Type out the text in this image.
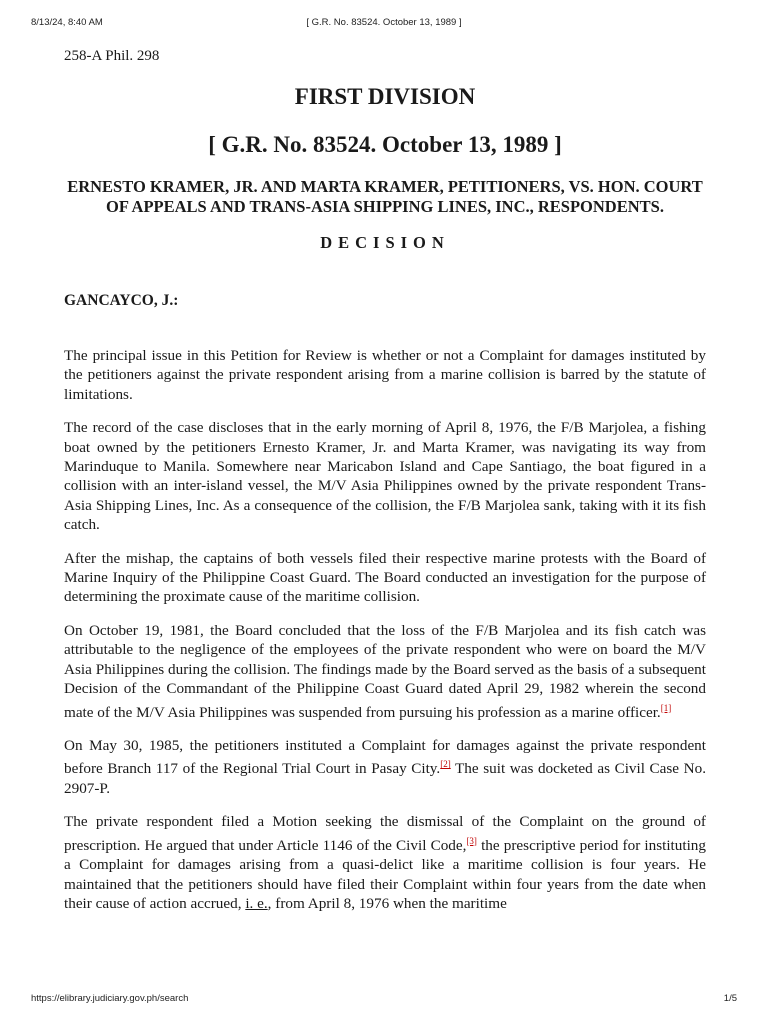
8/13/24, 8:40 AM	[ G.R. No. 83524. October 13, 1989 ]

258-A Phil. 298

FIRST DIVISION
[ G.R. No. 83524. October 13, 1989 ]
ERNESTO KRAMER, JR. AND MARTA KRAMER, PETITIONERS, VS. HON. COURT OF APPEALS AND TRANS-ASIA SHIPPING LINES, INC., RESPONDENTS.
DECISION

GANCAYCO, J.:

The principal issue in this Petition for Review is whether or not a Complaint for damages instituted by the petitioners against the private respondent arising from a marine collision is barred by the statute of limitations.

The record of the case discloses that in the early morning of April 8, 1976, the F/B Marjolea, a fishing boat owned by the petitioners Ernesto Kramer, Jr. and Marta Kramer, was navigating its way from Marinduque to Manila. Somewhere near Maricabon Island and Cape Santiago, the boat figured in a collision with an inter-island vessel, the M/V Asia Philippines owned by the private respondent Trans-Asia Shipping Lines, Inc. As a consequence of the collision, the F/B Marjolea sank, taking with it its fish catch.

After the mishap, the captains of both vessels filed their respective marine protests with the Board of Marine Inquiry of the Philippine Coast Guard. The Board conducted an investigation for the purpose of determining the proximate cause of the maritime collision.

On October 19, 1981, the Board concluded that the loss of the F/B Marjolea and its fish catch was attributable to the negligence of the employees of the private respondent who were on board the M/V Asia Philippines during the collision. The findings made by the Board served as the basis of a subsequent Decision of the Commandant of the Philippine Coast Guard dated April 29, 1982 wherein the second mate of the M/V Asia Philippines was suspended from pursuing his profession as a marine officer.[1]

On May 30, 1985, the petitioners instituted a Complaint for damages against the private respondent before Branch 117 of the Regional Trial Court in Pasay City.[2] The suit was docketed as Civil Case No. 2907-P.

The private respondent filed a Motion seeking the dismissal of the Complaint on the ground of prescription. He argued that under Article 1146 of the Civil Code,[3] the prescriptive period for instituting a Complaint for damages arising from a quasi-delict like a maritime collision is four years. He maintained that the petitioners should have filed their Complaint within four years from the date when their cause of action accrued, i. e., from April 8, 1976 when the maritime

https://elibrary.judiciary.gov.ph/search	1/5
